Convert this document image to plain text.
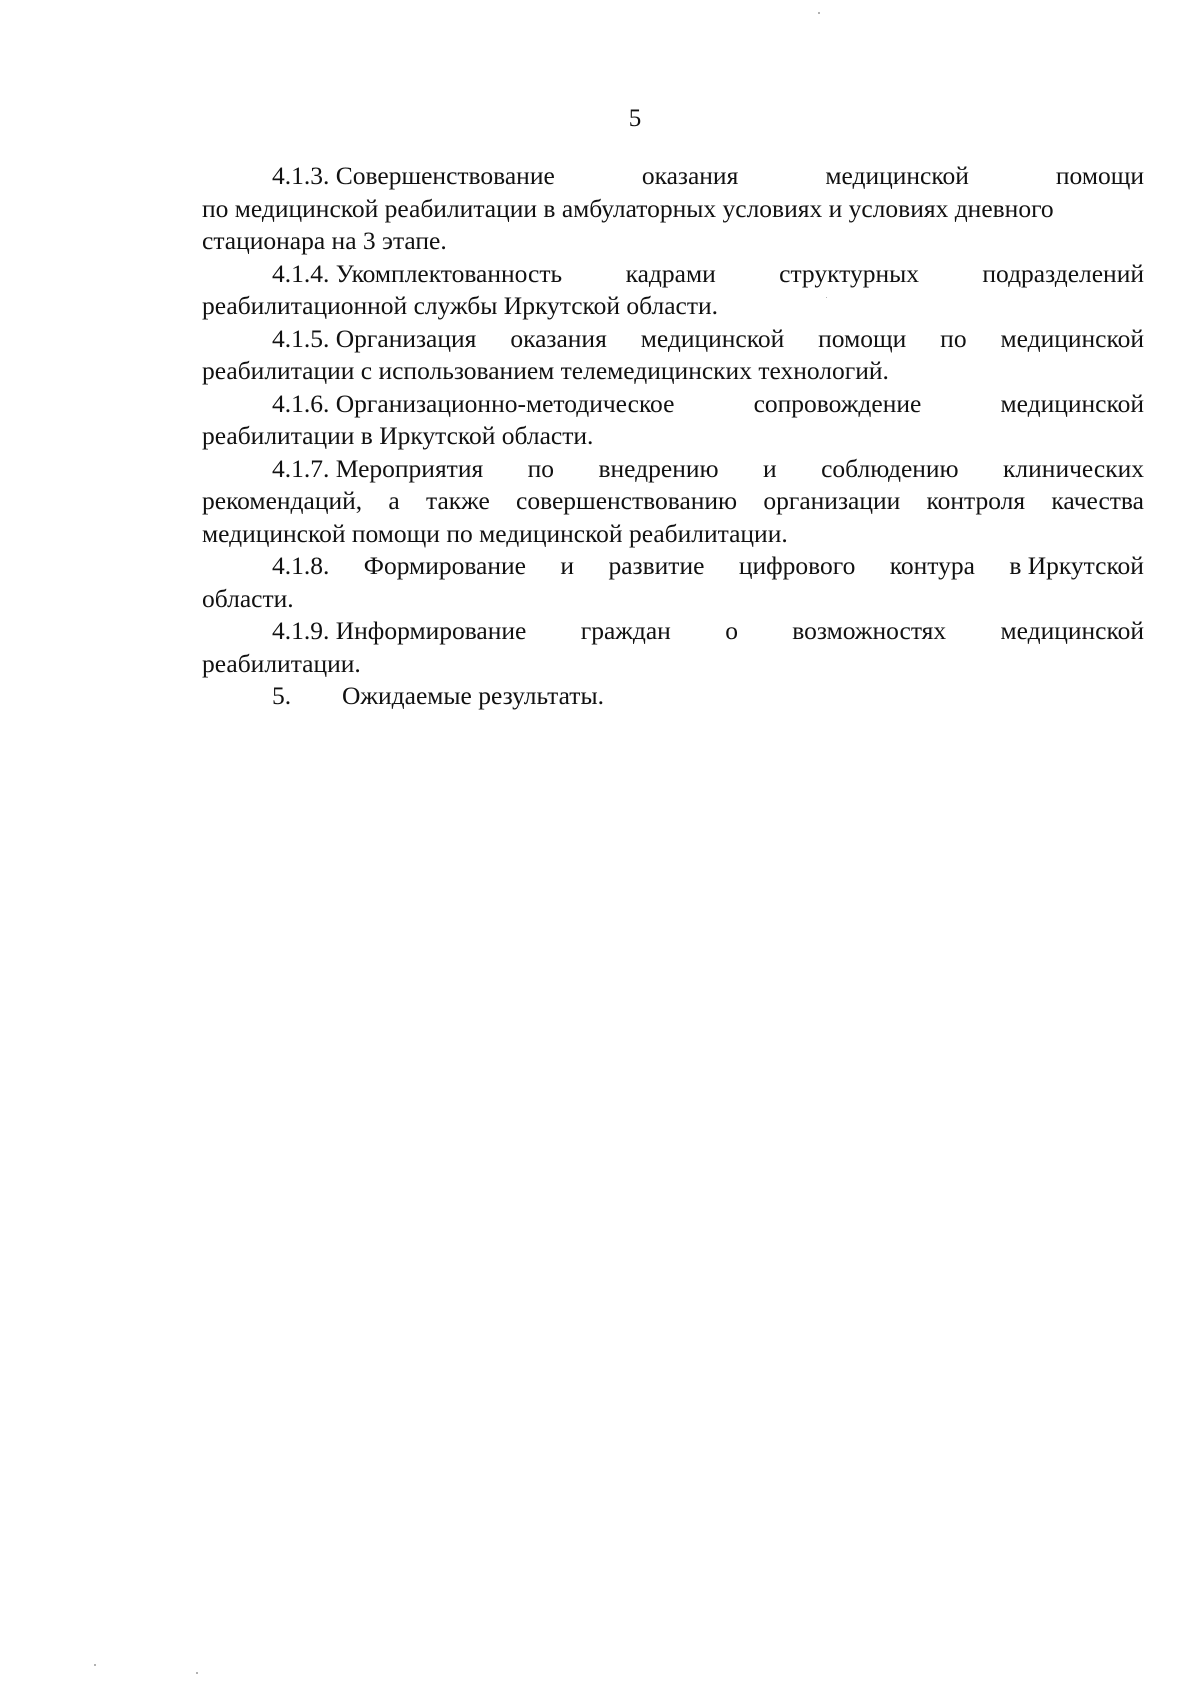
5
4.1.3. Совершенствование	оказания	медицинской	помощи
по медицинской реабилитации в амбулаторных условиях и условиях дневного
стационара на 3 этапе.
4.1.4. Укомплектованность кадрами структурных подразделений
реабилитационной службы Иркутской области.
4.1.5. Организация оказания медицинской помощи по медицинской
реабилитации с использованием телемедицинских технологий.
4.1.6. Организационно-методическое	сопровождение	медицинской
реабилитации в Иркутской области.
4.1.7. Мероприятия по внедрению и соблюдению клинических
рекомендаций, а также совершенствованию организации контроля качества
медицинской помощи по медицинской реабилитации.
4.1.8. Формирование и развитие цифрового контура в Иркутской
области.
4.1.9. Информирование граждан о возможностях медицинской
реабилитации.
5. Ожидаемые результаты.
